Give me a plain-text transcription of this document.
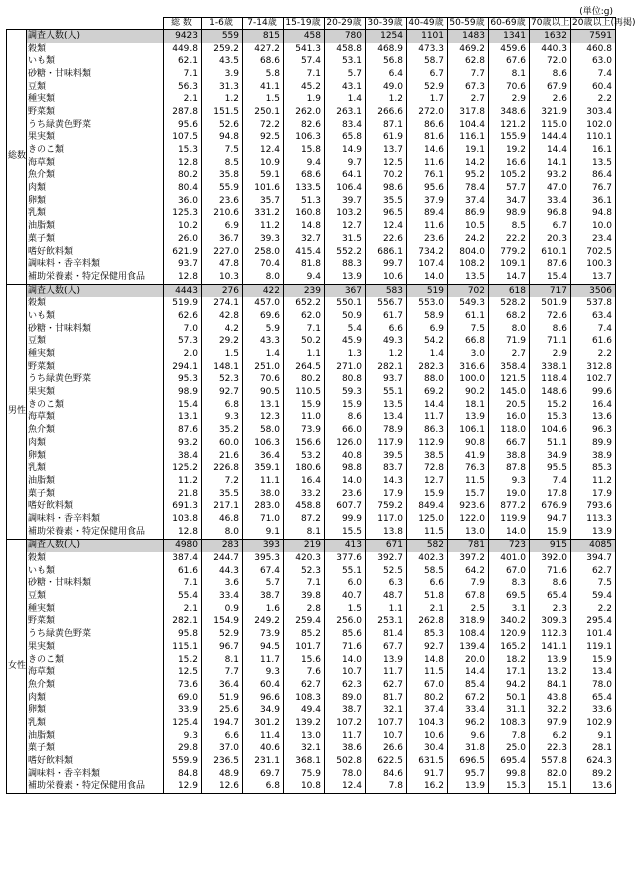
(単位:g)
		総 数	1-6歳	7-14歳	15-19歳	20-29歳	30-39歳	40-49歳	50-59歳	60-69歳	70歳以上	20歳以上(再掲)
総数	調査人数(人)	9423	559	815	458	780	1254	1101	1483	1341	1632	7591
	穀類	449.8	259.2	427.2	541.3	458.8	468.9	473.3	469.2	459.6	440.3	460.8
	いも類	62.1	43.5	68.6	57.4	53.1	56.8	58.7	62.8	67.6	72.0	63.0
	砂糖・甘味料類	7.1	3.9	5.8	7.1	5.7	6.4	6.7	7.7	8.1	8.6	7.4
	豆類	56.3	31.3	41.1	45.2	43.1	49.0	52.9	67.3	70.6	67.9	60.4
	種実類	2.1	1.2	1.5	1.9	1.4	1.2	1.7	2.7	2.9	2.6	2.2
	野菜類	287.8	151.5	250.1	262.0	263.1	266.6	272.0	317.8	348.6	321.9	303.4
	うち緑黄色野菜	95.6	52.6	72.2	82.6	83.4	87.1	86.6	104.4	121.2	115.0	102.0
	果実類	107.5	94.8	92.5	106.3	65.8	61.9	81.6	116.1	155.9	144.4	110.1
	きのこ類	15.3	7.5	12.4	15.8	14.9	13.7	14.6	19.1	19.2	14.4	16.1
	海草類	12.8	8.5	10.9	9.4	9.7	12.5	11.6	14.2	16.6	14.1	13.5
	魚介類	80.2	35.8	59.1	68.6	64.1	70.2	76.1	95.2	105.2	93.2	86.4
	肉類	80.4	55.9	101.6	133.5	106.4	98.6	95.6	78.4	57.7	47.0	76.7
	卵類	36.0	23.6	35.7	51.3	39.7	35.5	37.9	37.4	34.7	33.4	36.1
	乳類	125.3	210.6	331.2	160.8	103.2	96.5	89.4	86.9	98.9	96.8	94.8
	油脂類	10.2	6.9	11.2	14.8	12.7	12.4	11.6	10.5	8.5	6.7	10.0
	菓子類	26.0	36.7	39.3	32.7	31.5	22.6	23.6	24.2	22.2	20.3	23.4
	嗜好飲料類	621.9	227.0	258.0	415.4	552.2	686.1	734.2	804.0	779.2	610.1	702.5
	調味料・香辛料類	93.7	47.8	70.4	81.8	88.3	99.7	107.4	108.2	109.1	87.6	100.3
	補助栄養素・特定保健用食品	12.8	10.3	8.0	9.4	13.9	10.6	14.0	13.5	14.7	15.4	13.7
男性	調査人数(人)	4443	276	422	239	367	583	519	702	618	717	3506
	穀類	519.9	274.1	457.0	652.2	550.1	556.7	553.0	549.3	528.2	501.9	537.8
	いも類	62.6	42.8	69.6	62.0	50.9	61.7	58.9	61.1	68.2	72.6	63.4
	砂糖・甘味料類	7.0	4.2	5.9	7.1	5.4	6.6	6.9	7.5	8.0	8.6	7.4
	豆類	57.3	29.2	43.3	50.2	45.9	49.3	54.2	66.8	71.9	71.1	61.6
	種実類	2.0	1.5	1.4	1.1	1.3	1.2	1.4	3.0	2.7	2.9	2.2
	野菜類	294.1	148.1	251.0	264.5	271.0	282.1	282.3	316.6	358.4	338.1	312.8
	うち緑黄色野菜	95.3	52.3	70.6	80.2	80.8	93.7	88.0	100.0	121.5	118.4	102.7
	果実類	98.9	92.7	90.5	110.5	59.3	55.1	69.2	90.2	145.0	148.6	99.6
	きのこ類	15.4	6.8	13.1	15.9	15.9	13.5	14.4	18.1	20.5	15.2	16.4
	海草類	13.1	9.3	12.3	11.0	8.6	13.4	11.7	13.9	16.0	15.3	13.6
	魚介類	87.6	35.2	58.0	73.9	66.0	78.9	86.3	106.1	118.0	104.6	96.3
	肉類	93.2	60.0	106.3	156.6	126.0	117.9	112.9	90.8	66.7	51.1	89.9
	卵類	38.4	21.6	36.4	53.2	40.8	39.5	38.5	41.9	38.8	34.9	38.9
	乳類	125.2	226.8	359.1	180.6	98.8	83.7	72.8	76.3	87.8	95.5	85.3
	油脂類	11.2	7.2	11.1	16.4	14.0	14.3	12.7	11.5	9.3	7.4	11.2
	菓子類	21.8	35.5	38.0	33.2	23.6	17.9	15.9	15.7	19.0	17.8	17.9
	嗜好飲料類	691.3	217.1	283.0	458.8	607.7	759.2	849.4	923.6	877.2	676.9	793.6
	調味料・香辛料類	103.8	46.8	71.0	87.2	99.9	117.0	125.0	122.0	119.9	94.7	113.3
	補助栄養素・特定保健用食品	12.8	8.0	9.1	8.1	15.5	13.8	11.5	13.0	14.0	15.9	13.9
女性	調査人数(人)	4980	283	393	219	413	671	582	781	723	915	4085
	穀類	387.4	244.7	395.3	420.3	377.6	392.7	402.3	397.2	401.0	392.0	394.7
	いも類	61.6	44.3	67.4	52.3	55.1	52.5	58.5	64.2	67.0	71.6	62.7
	砂糖・甘味料類	7.1	3.6	5.7	7.1	6.0	6.3	6.6	7.9	8.3	8.6	7.5
	豆類	55.4	33.4	38.7	39.8	40.7	48.7	51.8	67.8	69.5	65.4	59.4
	種実類	2.1	0.9	1.6	2.8	1.5	1.1	2.1	2.5	3.1	2.3	2.2
	野菜類	282.1	154.9	249.2	259.4	256.0	253.1	262.8	318.9	340.2	309.3	295.4
	うち緑黄色野菜	95.8	52.9	73.9	85.2	85.6	81.4	85.3	108.4	120.9	112.3	101.4
	果実類	115.1	96.7	94.5	101.7	71.6	67.7	92.7	139.4	165.2	141.1	119.1
	きのこ類	15.2	8.1	11.7	15.6	14.0	13.9	14.8	20.0	18.2	13.9	15.9
	海草類	12.5	7.7	9.3	7.6	10.7	11.7	11.5	14.4	17.1	13.2	13.4
	魚介類	73.6	36.4	60.4	62.7	62.3	62.7	67.0	85.4	94.2	84.1	78.0
	肉類	69.0	51.9	96.6	108.3	89.0	81.7	80.2	67.2	50.1	43.8	65.4
	卵類	33.9	25.6	34.9	49.4	38.7	32.1	37.4	33.4	31.1	32.2	33.6
	乳類	125.4	194.7	301.2	139.2	107.2	107.7	104.3	96.2	108.3	97.9	102.9
	油脂類	9.3	6.6	11.4	13.0	11.7	10.7	10.6	9.6	7.8	6.2	9.1
	菓子類	29.8	37.0	40.6	32.1	38.6	26.6	30.4	31.8	25.0	22.3	28.1
	嗜好飲料類	559.9	236.5	231.1	368.1	502.8	622.5	631.5	696.5	695.4	557.8	624.3
	調味料・香辛料類	84.8	48.9	69.7	75.9	78.0	84.6	91.7	95.7	99.8	82.0	89.2
	補助栄養素・特定保健用食品	12.9	12.6	6.8	10.8	12.4	7.8	16.2	13.9	15.3	15.1	13.6
